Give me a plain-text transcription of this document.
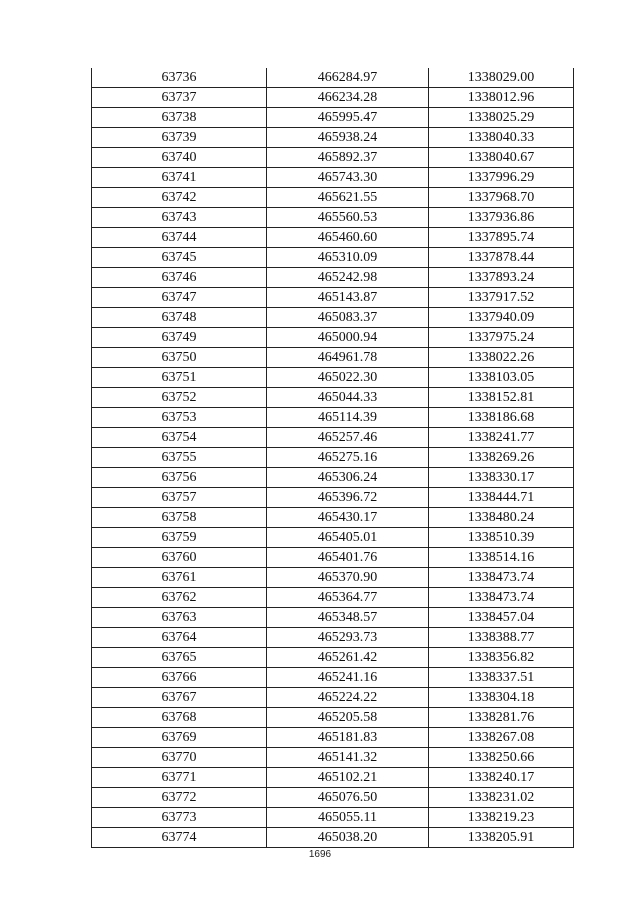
63736	466284.97	1338029.00
63737	466234.28	1338012.96
63738	465995.47	1338025.29
63739	465938.24	1338040.33
63740	465892.37	1338040.67
63741	465743.30	1337996.29
63742	465621.55	1337968.70
63743	465560.53	1337936.86
63744	465460.60	1337895.74
63745	465310.09	1337878.44
63746	465242.98	1337893.24
63747	465143.87	1337917.52
63748	465083.37	1337940.09
63749	465000.94	1337975.24
63750	464961.78	1338022.26
63751	465022.30	1338103.05
63752	465044.33	1338152.81
63753	465114.39	1338186.68
63754	465257.46	1338241.77
63755	465275.16	1338269.26
63756	465306.24	1338330.17
63757	465396.72	1338444.71
63758	465430.17	1338480.24
63759	465405.01	1338510.39
63760	465401.76	1338514.16
63761	465370.90	1338473.74
63762	465364.77	1338473.74
63763	465348.57	1338457.04
63764	465293.73	1338388.77
63765	465261.42	1338356.82
63766	465241.16	1338337.51
63767	465224.22	1338304.18
63768	465205.58	1338281.76
63769	465181.83	1338267.08
63770	465141.32	1338250.66
63771	465102.21	1338240.17
63772	465076.50	1338231.02
63773	465055.11	1338219.23
63774	465038.20	1338205.91
1696
